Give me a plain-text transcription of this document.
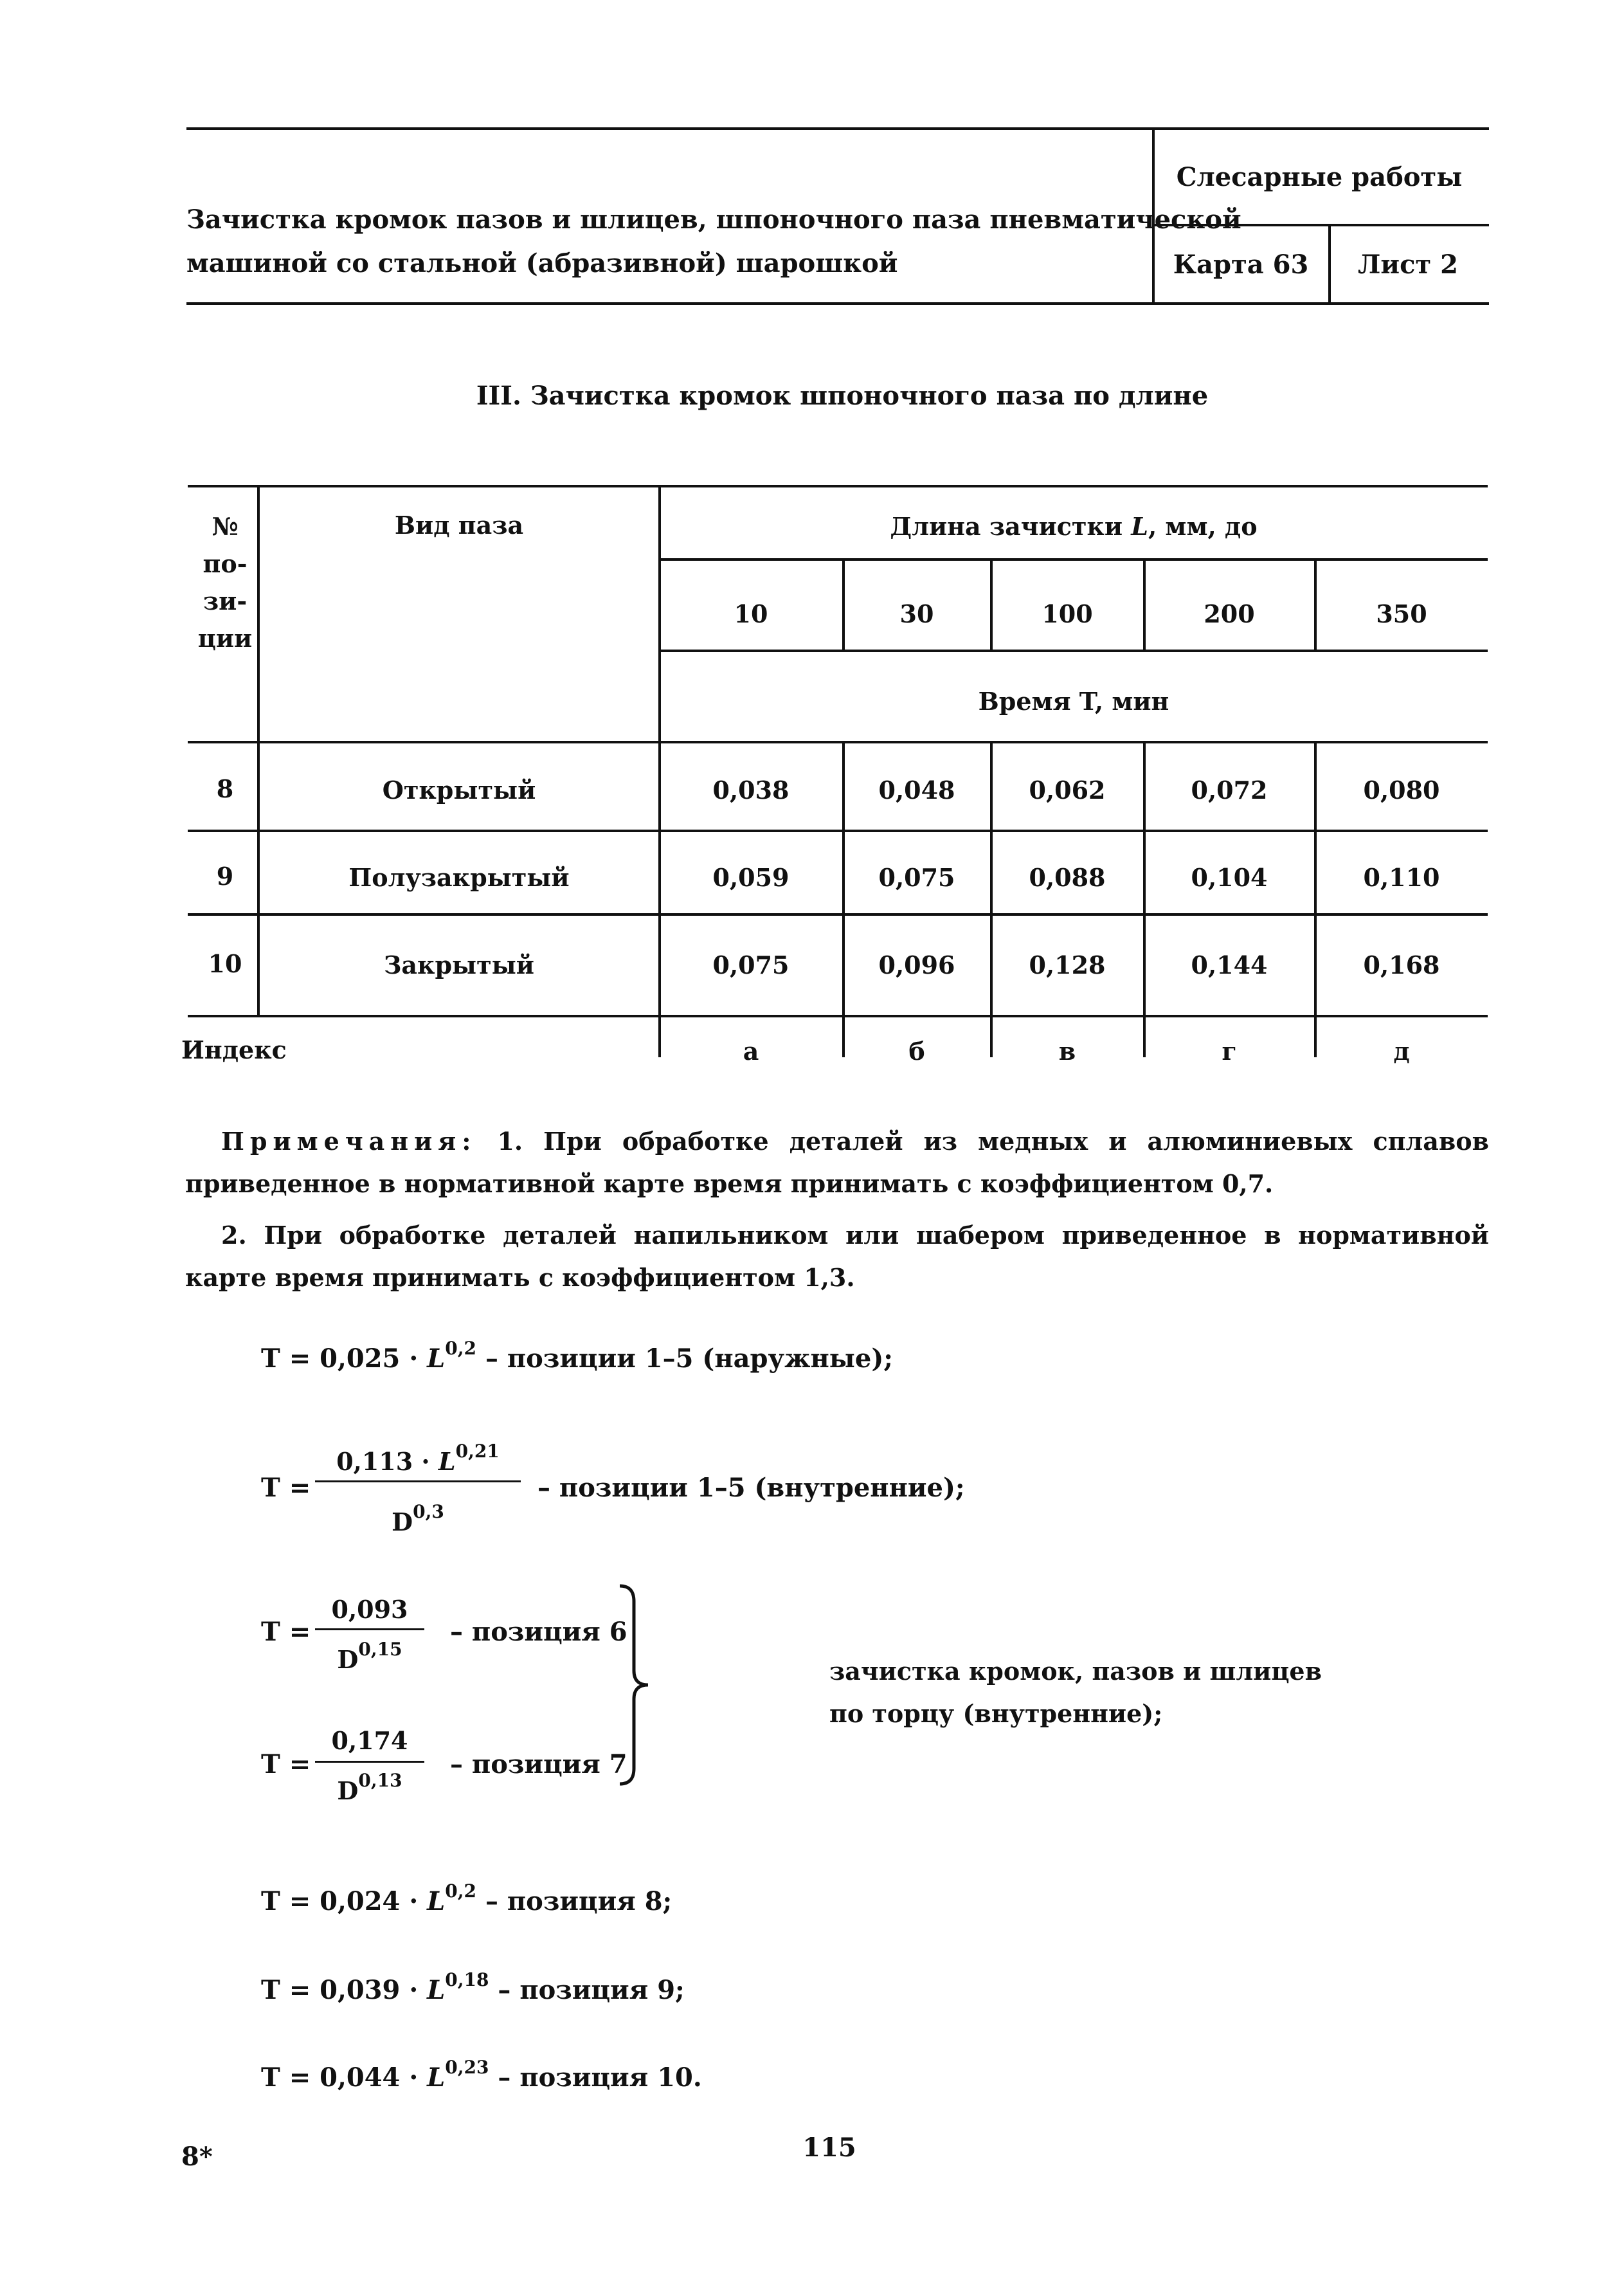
Зачистка кромок пазов и шлицев, шпоночного паза пневматической
машиной со стальной (абразивной) шарошкой
Слесарные работы
Карта 63 Лист 2
III. Зачистка кромок шпоночного паза по длине
№
по-
зи-
ции
Вид паза	Длина зачистки L, мм, до
10	30	100	200	350
Время T, мин
8	Открытый	0,038	0,048	0,062	0,072	0,080
9	Полузакрытый	0,059	0,075	0,088	0,104	0,110
10	Закрытый	0,075	0,096	0,128	0,144	0,168
Индекс	а	б	в	г	д
Примечания: 1. При обработке деталей из медных и алюминиевых сплавов приведенное в нормативной карте время принимать с коэффициентом 0,7.
2. При обработке деталей напильником или шабером приведенное в нормативной карте время принимать с коэффициентом 1,3.
T = 0,025 · L$^{0,2}$ – позиции 1–5 (наружные);
T =
0,113 · L$^{0,21}$
D$^{0,3}$
– позиции 1–5 (внутренние);
T =
0,093
D$^{0,15}$
– позиция 6
T =
0,174
D$^{0,13}$
– позиция 7
зачистка кромок, пазов и шлицев по торцу (внутренние);
T = 0,024 · L$^{0,2}$ – позиция 8;
T = 0,039 · L$^{0,18}$ – позиция 9;
T = 0,044 · L$^{0,23}$ – позиция 10.
8*	115
